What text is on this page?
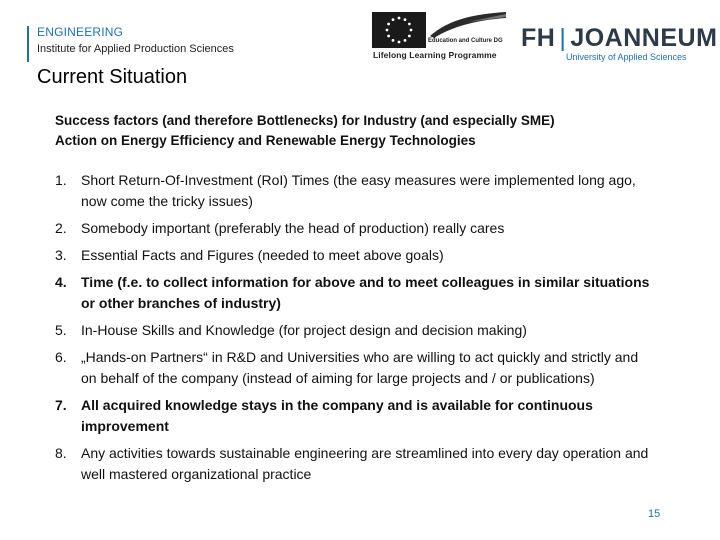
ENGINEERING
Institute for Applied Production Sciences
Education and Culture DG
Lifelong Learning Programme
FH | JOANNEUM
University of Applied Sciences
Current Situation
Success factors (and therefore Bottlenecks) for Industry (and especially SME)
Action on Energy Efficiency and Renewable Energy Technologies
1.	Short Return-Of-Investment (RoI) Times (the easy measures were implemented long ago, now come the tricky issues)
2.	Somebody important (preferably the head of production) really cares
3.	Essential Facts and Figures (needed to meet above goals)
4.	Time (f.e. to collect information for above and to meet colleagues in similar situations or other branches of industry)
5.	In-House Skills and Knowledge (for project design and decision making)
6.	„Hands-on Partners“ in R&D and Universities who are willing to act quickly and strictly and on behalf of the company (instead of aiming for large projects and / or publications)
7.	All acquired knowledge stays in the company and is available for continuous improvement
8.	Any activities towards sustainable engineering are streamlined into every day operation and well mastered organizational practice
15
